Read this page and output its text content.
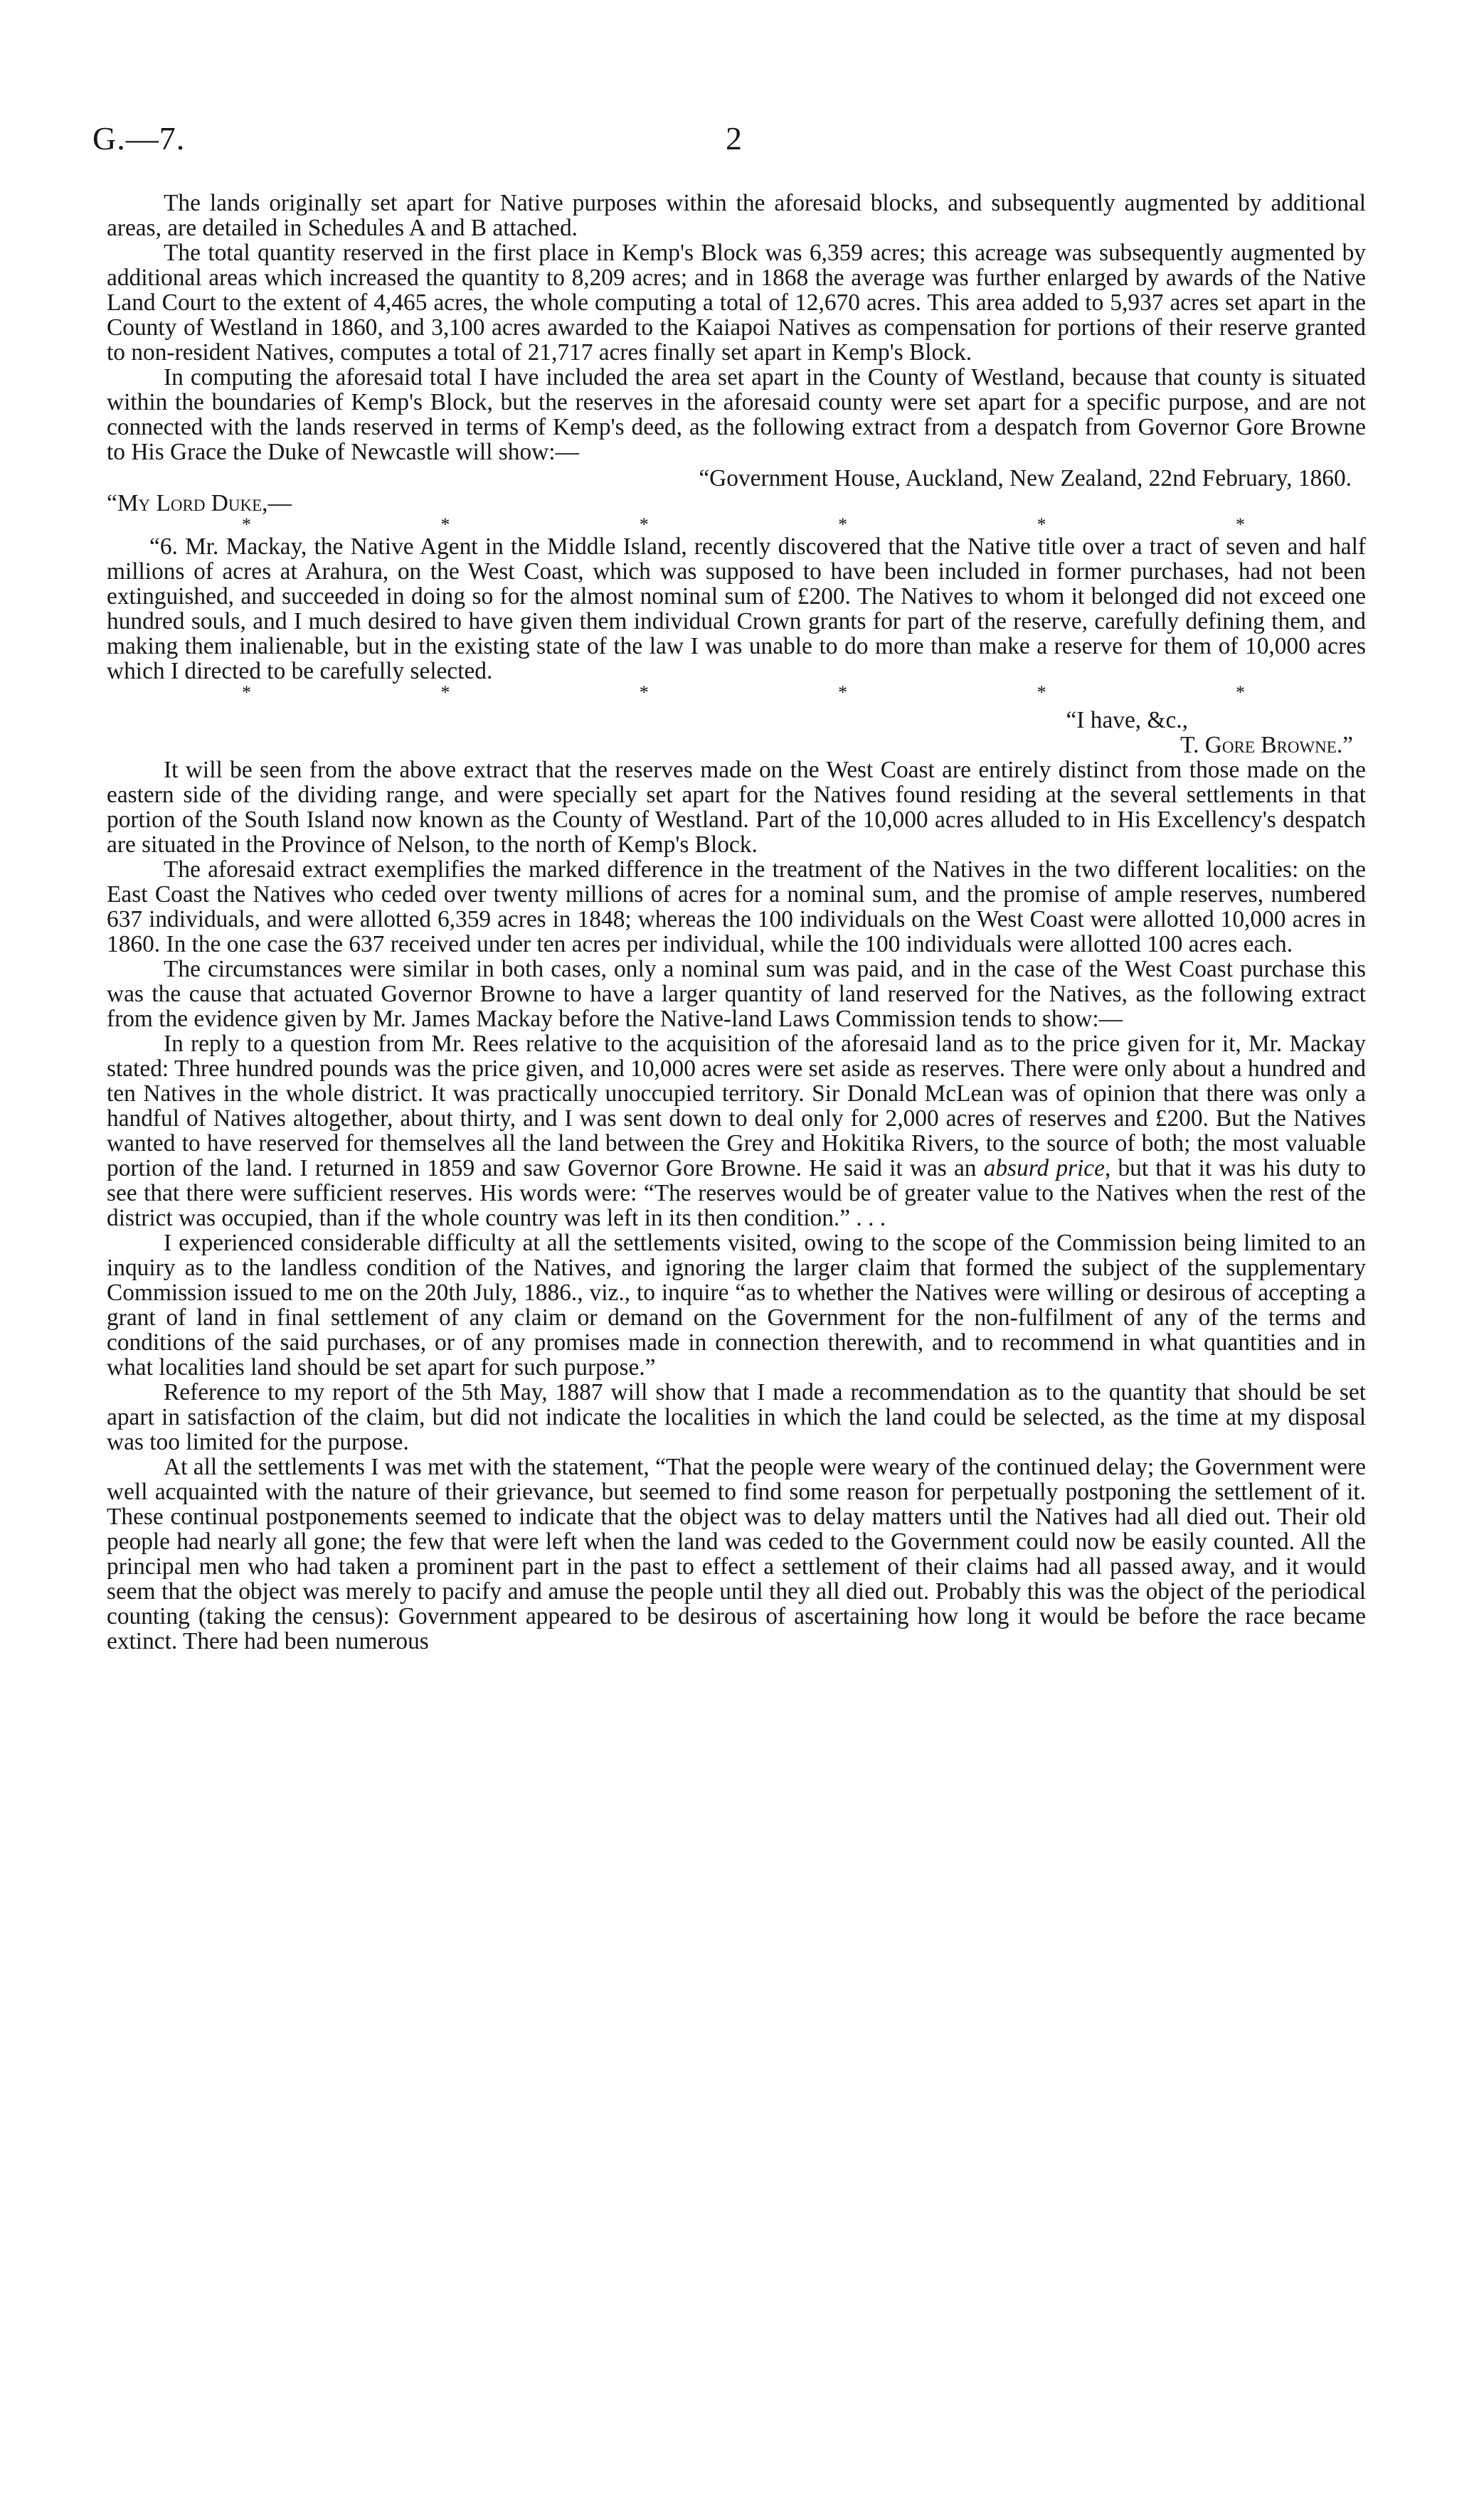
G.—7.	2

The lands originally set apart for Native purposes within the aforesaid blocks, and subsequently augmented by additional areas, are detailed in Schedules A and B attached.

The total quantity reserved in the first place in Kemp's Block was 6,359 acres; this acreage was subsequently augmented by additional areas which increased the quantity to 8,209 acres; and in 1868 the average was further enlarged by awards of the Native Land Court to the extent of 4,465 acres, the whole computing a total of 12,670 acres. This area added to 5,937 acres set apart in the County of Westland in 1860, and 3,100 acres awarded to the Kaiapoi Natives as compensation for portions of their reserve granted to non-resident Natives, computes a total of 21,717 acres finally set apart in Kemp's Block.

In computing the aforesaid total I have included the area set apart in the County of Westland, because that county is situated within the boundaries of Kemp's Block, but the reserves in the aforesaid county were set apart for a specific purpose, and are not connected with the lands reserved in terms of Kemp's deed, as the following extract from a despatch from Governor Gore Browne to His Grace the Duke of Newcastle will show:—

“Government House, Auckland, New Zealand, 22nd February, 1860.
“My Lord Duke,—
*	*	*	*	*	*

“6. Mr. Mackay, the Native Agent in the Middle Island, recently discovered that the Native title over a tract of seven and half millions of acres at Arahura, on the West Coast, which was supposed to have been included in former purchases, had not been extinguished, and succeeded in doing so for the almost nominal sum of £200. The Natives to whom it belonged did not exceed one hundred souls, and I much desired to have given them individual Crown grants for part of the reserve, carefully defining them, and making them inalienable, but in the existing state of the law I was unable to do more than make a reserve for them of 10,000 acres which I directed to be carefully selected.

*	*	*	*	*	*
“I have, &c.,
T. Gore Browne.”

It will be seen from the above extract that the reserves made on the West Coast are entirely distinct from those made on the eastern side of the dividing range, and were specially set apart for the Natives found residing at the several settlements in that portion of the South Island now known as the County of Westland. Part of the 10,000 acres alluded to in His Excellency's despatch are situated in the Province of Nelson, to the north of Kemp's Block.

The aforesaid extract exemplifies the marked difference in the treatment of the Natives in the two different localities: on the East Coast the Natives who ceded over twenty millions of acres for a nominal sum, and the promise of ample reserves, numbered 637 individuals, and were allotted 6,359 acres in 1848; whereas the 100 individuals on the West Coast were allotted 10,000 acres in 1860. In the one case the 637 received under ten acres per individual, while the 100 individuals were allotted 100 acres each.

The circumstances were similar in both cases, only a nominal sum was paid, and in the case of the West Coast purchase this was the cause that actuated Governor Browne to have a larger quantity of land reserved for the Natives, as the following extract from the evidence given by Mr. James Mackay before the Native-land Laws Commission tends to show:—

In reply to a question from Mr. Rees relative to the acquisition of the aforesaid land as to the price given for it, Mr. Mackay stated: Three hundred pounds was the price given, and 10,000 acres were set aside as reserves. There were only about a hundred and ten Natives in the whole district. It was practically unoccupied territory. Sir Donald McLean was of opinion that there was only a handful of Natives altogether, about thirty, and I was sent down to deal only for 2,000 acres of reserves and £200. But the Natives wanted to have reserved for themselves all the land between the Grey and Hokitika Rivers, to the source of both; the most valuable portion of the land. I returned in 1859 and saw Governor Gore Browne. He said it was an absurd price, but that it was his duty to see that there were sufficient reserves. His words were: “The reserves would be of greater value to the Natives when the rest of the district was occupied, than if the whole country was left in its then condition.” . . .

I experienced considerable difficulty at all the settlements visited, owing to the scope of the Commission being limited to an inquiry as to the landless condition of the Natives, and ignoring the larger claim that formed the subject of the supplementary Commission issued to me on the 20th July, 1886., viz., to inquire “as to whether the Natives were willing or desirous of accepting a grant of land in final settlement of any claim or demand on the Government for the non-fulfilment of any of the terms and conditions of the said purchases, or of any promises made in connection therewith, and to recommend in what quantities and in what localities land should be set apart for such purpose.”

Reference to my report of the 5th May, 1887 will show that I made a recommendation as to the quantity that should be set apart in satisfaction of the claim, but did not indicate the localities in which the land could be selected, as the time at my disposal was too limited for the purpose.

At all the settlements I was met with the statement, “That the people were weary of the continued delay; the Government were well acquainted with the nature of their grievance, but seemed to find some reason for perpetually postponing the settlement of it. These continual postponements seemed to indicate that the object was to delay matters until the Natives had all died out. Their old people had nearly all gone; the few that were left when the land was ceded to the Government could now be easily counted. All the principal men who had taken a prominent part in the past to effect a settlement of their claims had all passed away, and it would seem that the object was merely to pacify and amuse the people until they all died out. Probably this was the object of the periodical counting (taking the census): Government appeared to be desirous of ascertaining how long it would be before the race became extinct. There had been numerous
